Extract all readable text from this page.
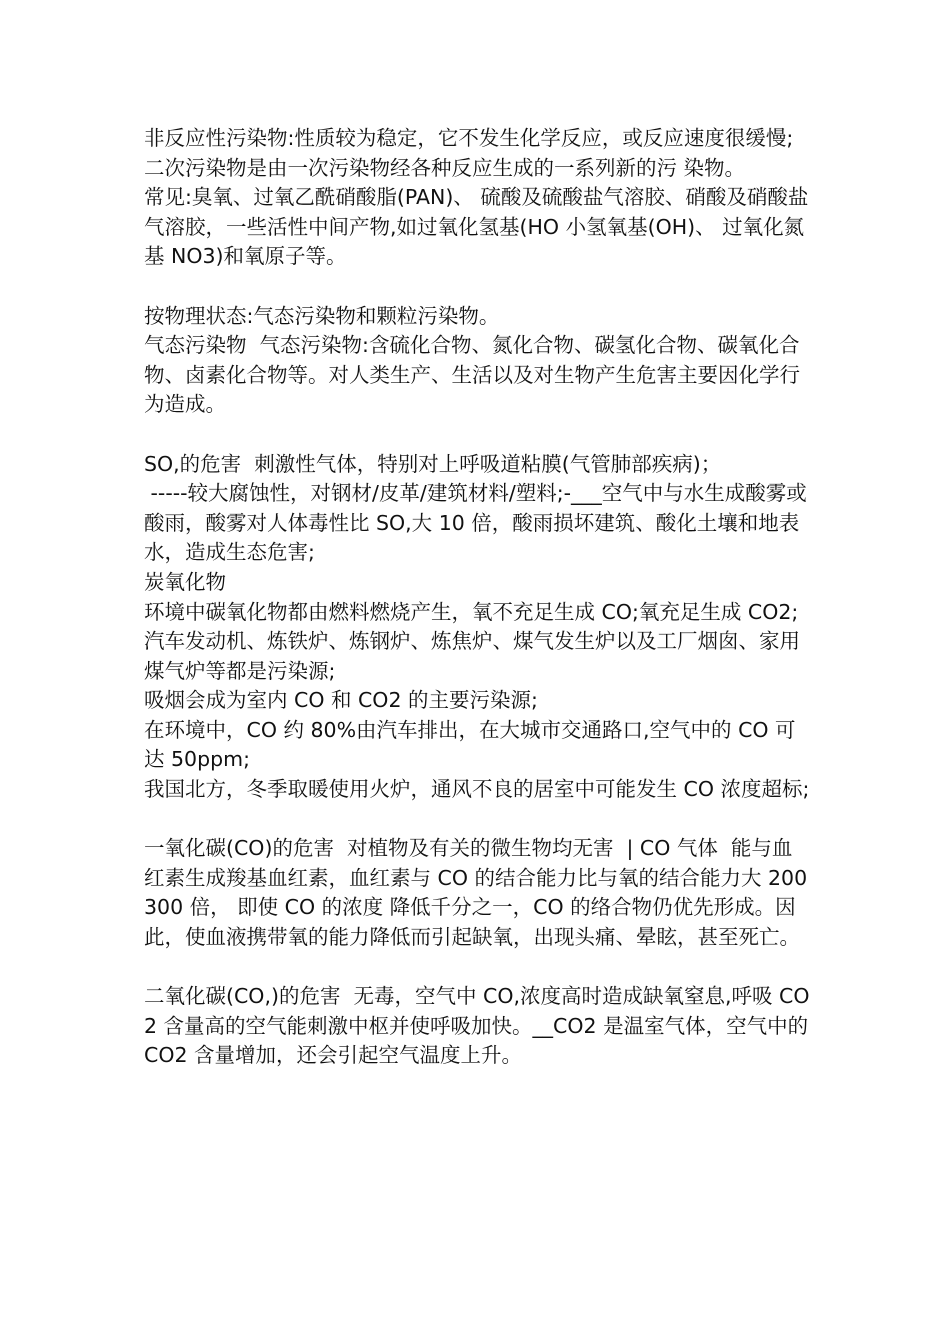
非反应性污染物:性质较为稳定，它不发生化学反应，或反应速度很缓慢;

二次污染物是由一次污染物经各种反应生成的一系列新的污 染物。

常见:臭氧、过氧乙酰硝酸脂(PAN)、 硫酸及硫酸盐气溶胶、硝酸及硝酸盐气溶胶，一些活性中间产物,如过氧化氢基(HO 小氢氧基(OH)、 过氧化氮基 NO3)和氧原子等。

按物理状态:气态污染物和颗粒污染物。

气态污染物  气态污染物:含硫化合物、氮化合物、碳氢化合物、碳氧化合物、卤素化合物等。对人类生产、生活以及对生物产生危害主要因化学行为造成。

SO,的危害  刺激性气体，特别对上呼吸道粘膜(气管肺部疾病)；

-----较大腐蚀性，对钢材/皮革/建筑材料/塑料;-___空气中与水生成酸雾或酸雨，酸雾对人体毒性比 SO,大 10 倍，酸雨损坏建筑、酸化土壤和地表水，造成生态危害;

炭氧化物

环境中碳氧化物都由燃料燃烧产生，氧不充足生成 CO;氧充足生成 CO2;

汽车发动机、炼铁炉、炼钢炉、炼焦炉、煤气发生炉以及工厂烟囱、家用煤气炉等都是污染源;

吸烟会成为室内 CO 和 CO2 的主要污染源;

在环境中，CO 约 80%由汽车排出，在大城市交通路口,空气中的 CO 可达 50ppm;

我国北方，冬季取暖使用火炉，通风不良的居室中可能发生 CO 浓度超标;

一氧化碳(CO)的危害  对植物及有关的微生物均无害  | CO 气体  能与血红素生成羧基血红素，血红素与 CO 的结合能力比与氧的结合能力大 200300 倍， 即使 CO 的浓度 降低千分之一，CO 的络合物仍优先形成。因此，使血液携带氧的能力降低而引起缺氧，出现头痛、晕眩，甚至死亡。

二氧化碳(CO,)的危害  无毒，空气中 CO,浓度高时造成缺氧窒息,呼吸 CO2 含量高的空气能刺激中枢并使呼吸加快。__CO2 是温室气体，空气中的 CO2 含量增加，还会引起空气温度上升。
